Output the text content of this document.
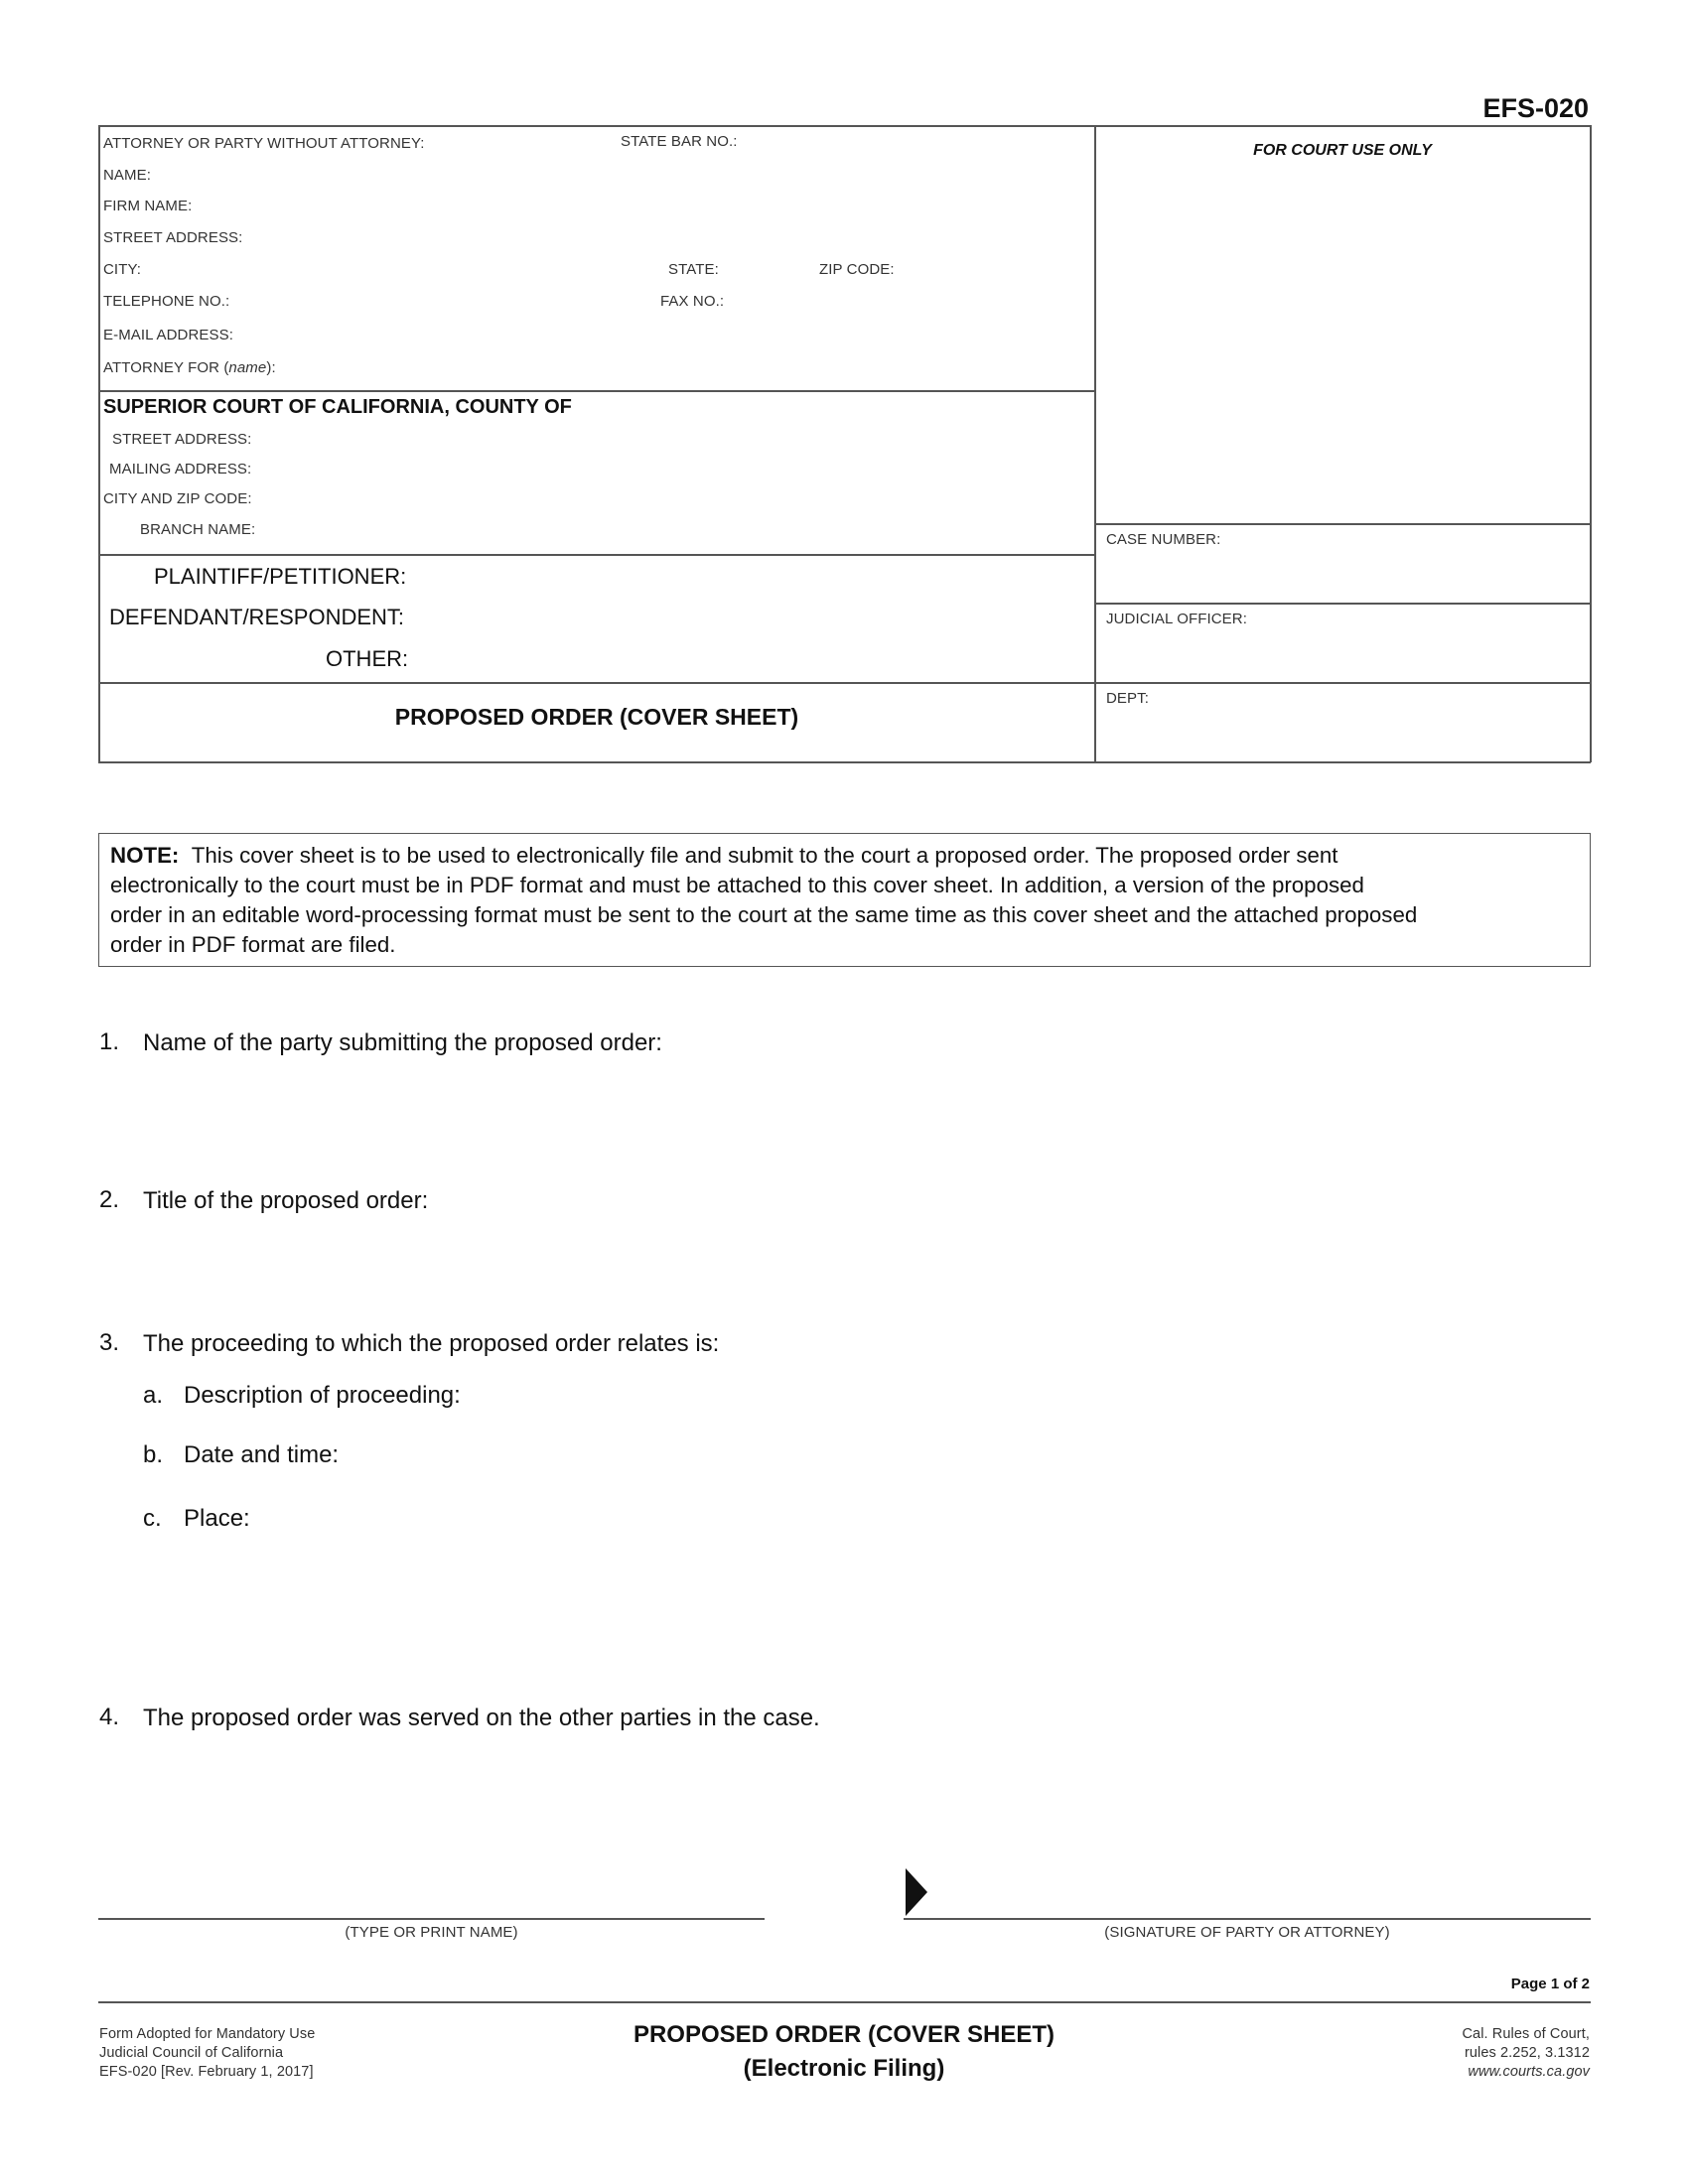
EFS-020
ATTORNEY OR PARTY WITHOUT ATTORNEY:	STATE BAR NO.:
NAME:
FIRM NAME:
STREET ADDRESS:
CITY:	STATE:	ZIP CODE:
TELEPHONE NO.:	FAX NO.:
E-MAIL ADDRESS:
ATTORNEY FOR (name):
FOR COURT USE ONLY
SUPERIOR COURT OF CALIFORNIA, COUNTY OF
STREET ADDRESS:
MAILING ADDRESS:
CITY AND ZIP CODE:
BRANCH NAME:
PLAINTIFF/PETITIONER:
DEFENDANT/RESPONDENT:
OTHER:
CASE NUMBER:
JUDICIAL OFFICER:
DEPT:
PROPOSED ORDER (COVER SHEET)
NOTE: This cover sheet is to be used to electronically file and submit to the court a proposed order. The proposed order sent
electronically to the court must be in PDF format and must be attached to this cover sheet. In addition, a version of the proposed
order in an editable word-processing format must be sent to the court at the same time as this cover sheet and the attached proposed
order in PDF format are filed.
1. Name of the party submitting the proposed order:
2. Title of the proposed order:
3. The proceeding to which the proposed order relates is:
a. Description of proceeding:
b. Date and time:
c. Place:
4. The proposed order was served on the other parties in the case.
(TYPE OR PRINT NAME)	(SIGNATURE OF PARTY OR ATTORNEY)
Page 1 of 2
Form Adopted for Mandatory Use
Judicial Council of California
EFS-020 [Rev. February 1, 2017]
PROPOSED ORDER (COVER SHEET)
(Electronic Filing)
Cal. Rules of Court,
rules 2.252, 3.1312
www.courts.ca.gov
